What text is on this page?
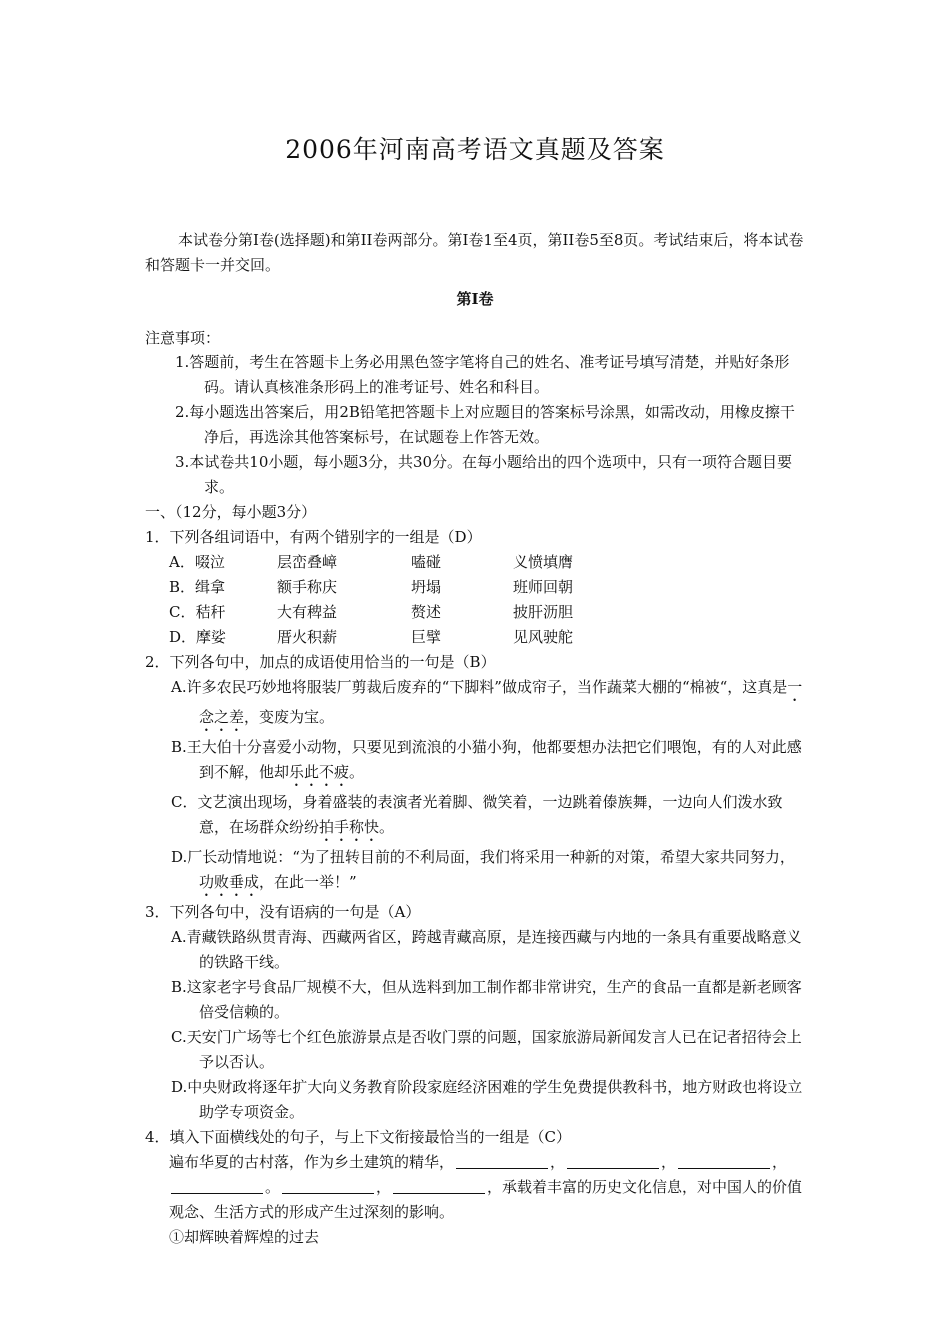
2006年河南高考语文真题及答案

本试卷分第I卷(选择题)和第II卷两部分。第I卷1至4页，第II卷5至8页。考试结束后，将本试卷和答题卡一并交回。

第I卷
注意事项：

1.答题前，考生在答题卡上务必用黑色签字笔将自己的姓名、准考证号填写清楚，并贴好条形码。请认真核准条形码上的准考证号、姓名和科目。

2.每小题选出答案后，用2B铅笔把答题卡上对应题目的答案标号涂黑，如需改动，用橡皮擦干净后，再选涂其他答案标号，在试题卷上作答无效。

3.本试卷共10小题，每小题3分，共30分。在每小题给出的四个选项中，只有一项符合题目要求。

一、（12分，每小题3分）

1．下列各组词语中，有两个错别字的一组是（D）

A．啜泣	层峦叠嶂	嗑碰	义愤填膺
B．缉拿	额手称庆	坍塌	班师回朝
C．秸秆	大有稗益	赘述	披肝沥胆
D．摩娑	厝火积薪	巨擘	见风驶舵

2．下列各句中，加点的成语使用恰当的一句是（B）

A.许多农民巧妙地将服装厂剪裁后废弃的“下脚料”做成帘子，当作蔬菜大棚的“棉被“，这真是一念之差，变废为宝。

B.王大伯十分喜爱小动物，只要见到流浪的小猫小狗，他都要想办法把它们喂饱，有的人对此感到不解，他却乐此不疲。

C．文艺演出现场，身着盛装的表演者光着脚、微笑着，一边跳着傣族舞，一边向人们泼水致意，在场群众纷纷拍手称快。

D.厂长动情地说：“为了扭转目前的不利局面，我们将采用一种新的对策，希望大家共同努力，功败垂成，在此一举！”

3．下列各句中，没有语病的一句是（A）

A.青藏铁路纵贯青海、西藏两省区，跨越青藏高原，是连接西藏与内地的一条具有重要战略意义的铁路干线。

B.这家老字号食品厂规模不大，但从选料到加工制作都非常讲究，生产的食品一直都是新老顾客倍受信赖的。

C.天安门广场等七个红色旅游景点是否收门票的问题，国家旅游局新闻发言人已在记者招待会上予以否认。

D.中央财政将逐年扩大向义务教育阶段家庭经济困难的学生免费提供教科书，地方财政也将设立助学专项资金。

4．填入下面横线处的句子，与上下文衔接最恰当的一组是（C）

遍布华夏的古村落，作为乡土建筑的精华，	，	，	，。	，	，承载着丰富的历史文化信息，对中国人的价值观念、生活方式的形成产生过深刻的影响。

①却辉映着辉煌的过去
